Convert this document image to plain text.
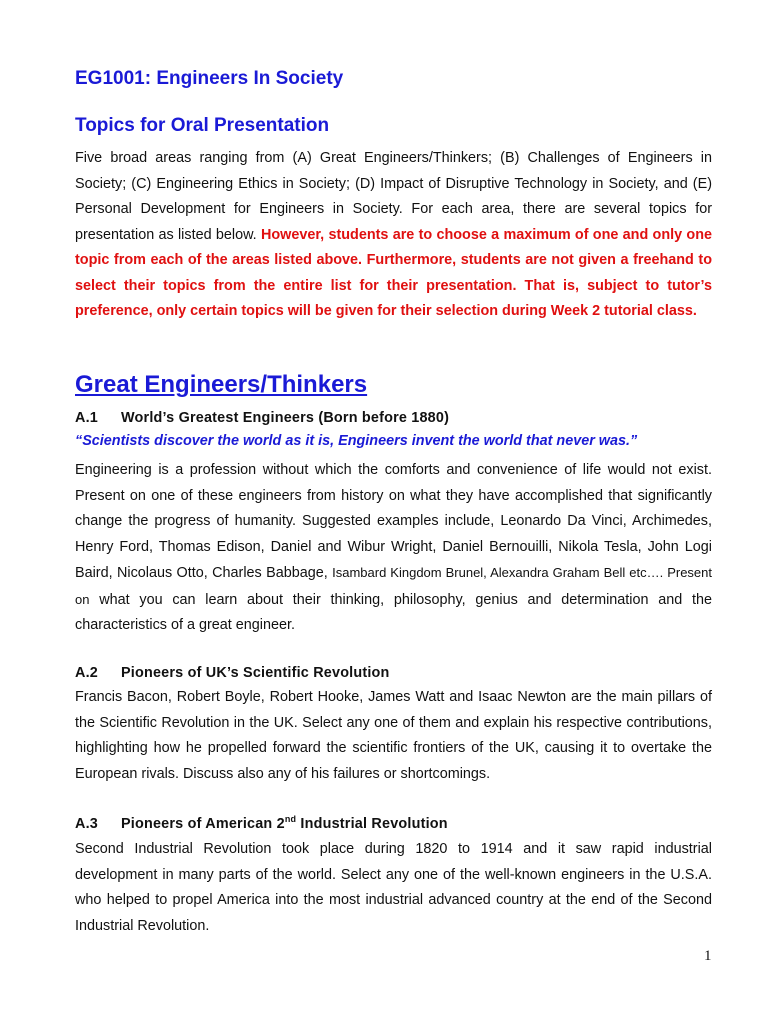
EG1001: Engineers In Society
Topics for Oral Presentation
Five broad areas ranging from (A) Great Engineers/Thinkers; (B) Challenges of Engineers in Society; (C) Engineering Ethics in Society; (D) Impact of Disruptive Technology in Society, and (E) Personal Development for Engineers in Society. For each area, there are several topics for presentation as listed below. However, students are to choose a maximum of one and only one topic from each of the areas listed above. Furthermore, students are not given a freehand to select their topics from the entire list for their presentation. That is, subject to tutor’s preference, only certain topics will be given for their selection during Week 2 tutorial class.
Great Engineers/Thinkers
A.1 World’s Greatest Engineers (Born before 1880)
“Scientists discover the world as it is, Engineers invent the world that never was.”
Engineering is a profession without which the comforts and convenience of life would not exist. Present on one of these engineers from history on what they have accomplished that significantly change the progress of humanity. Suggested examples include, Leonardo Da Vinci, Archimedes, Henry Ford, Thomas Edison, Daniel and Wibur Wright, Daniel Bernouilli, Nikola Tesla, John Logi Baird, Nicolaus Otto, Charles Babbage, Isambard Kingdom Brunel, Alexandra Graham Bell etc…. Present on what you can learn about their thinking, philosophy, genius and determination and the characteristics of a great engineer.
A.2 Pioneers of UK’s Scientific Revolution
Francis Bacon, Robert Boyle, Robert Hooke, James Watt and Isaac Newton are the main pillars of the Scientific Revolution in the UK. Select any one of them and explain his respective contributions, highlighting how he propelled forward the scientific frontiers of the UK, causing it to overtake the European rivals. Discuss also any of his failures or shortcomings.
A.3 Pioneers of American 2nd Industrial Revolution
Second Industrial Revolution took place during 1820 to 1914 and it saw rapid industrial development in many parts of the world. Select any one of the well-known engineers in the U.S.A. who helped to propel America into the most industrial advanced country at the end of the Second Industrial Revolution.
1
